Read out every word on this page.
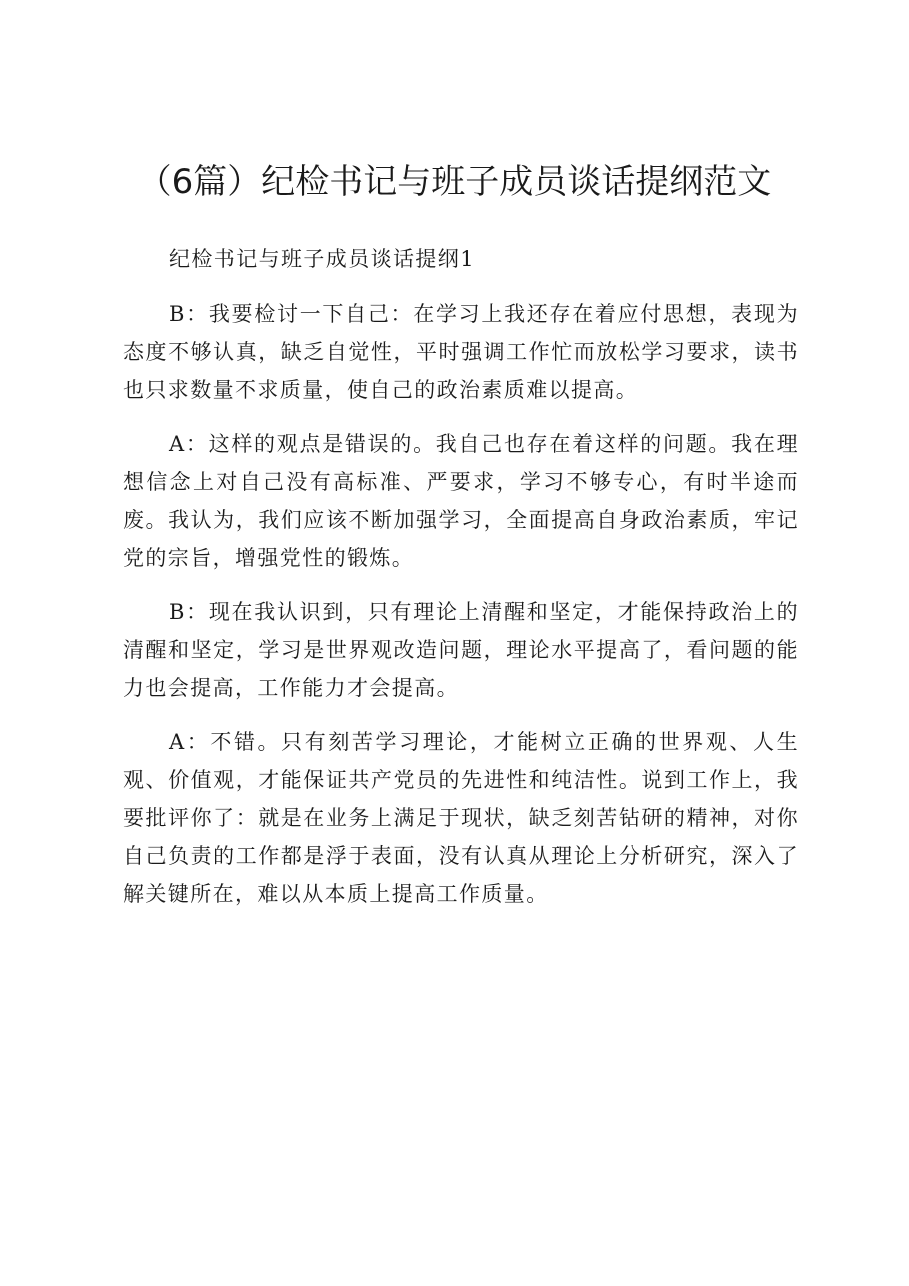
（6篇）纪检书记与班子成员谈话提纲范文

纪检书记与班子成员谈话提纲1

B：我要检讨一下自己：在学习上我还存在着应付思想，表现为态度不够认真，缺乏自觉性，平时强调工作忙而放松学习要求，读书也只求数量不求质量，使自己的政治素质难以提高。

A：这样的观点是错误的。我自己也存在着这样的问题。我在理想信念上对自己没有高标准、严要求，学习不够专心，有时半途而废。我认为，我们应该不断加强学习，全面提高自身政治素质，牢记党的宗旨，增强党性的锻炼。

B：现在我认识到，只有理论上清醒和坚定，才能保持政治上的清醒和坚定，学习是世界观改造问题，理论水平提高了，看问题的能力也会提高，工作能力才会提高。

A：不错。只有刻苦学习理论，才能树立正确的世界观、人生观、价值观，才能保证共产党员的先进性和纯洁性。说到工作上，我要批评你了：就是在业务上满足于现状，缺乏刻苦钻研的精神，对你自己负责的工作都是浮于表面，没有认真从理论上分析研究，深入了解关键所在，难以从本质上提高工作质量。
